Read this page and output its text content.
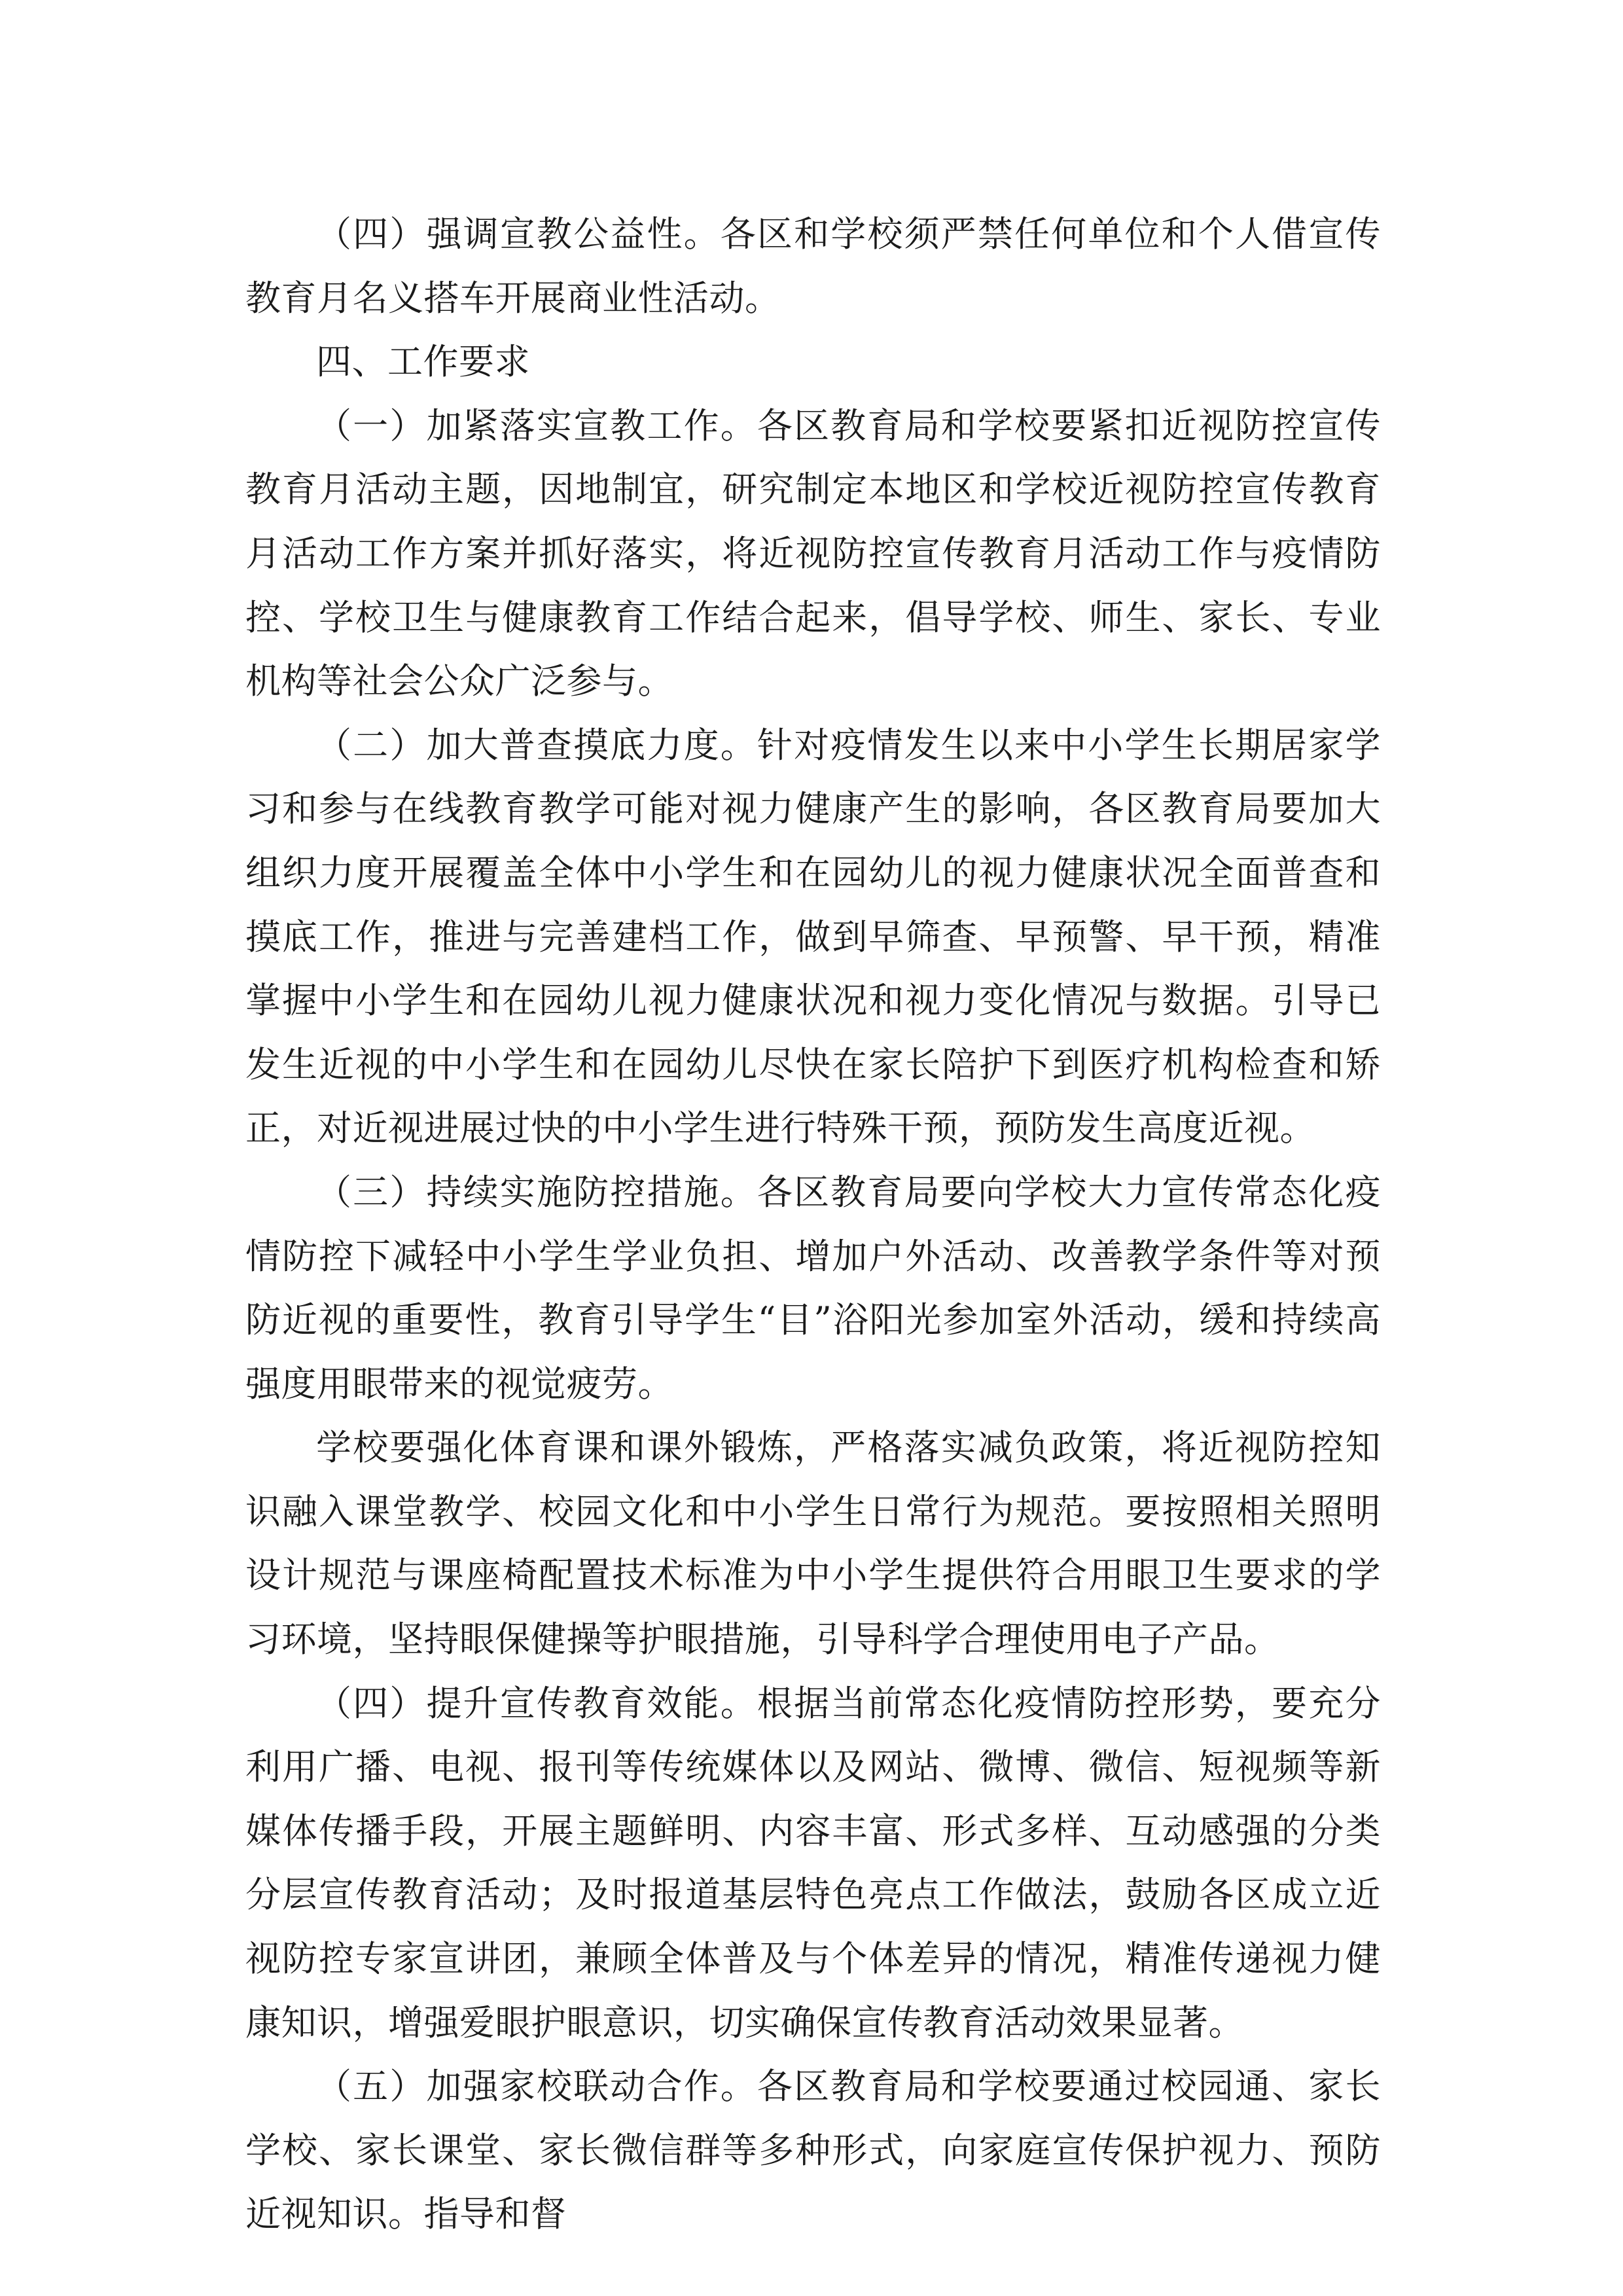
（四）强调宣教公益性。各区和学校须严禁任何单位和个人借宣传教育月名义搭车开展商业性活动。

四、工作要求

（一）加紧落实宣教工作。各区教育局和学校要紧扣近视防控宣传教育月活动主题，因地制宜，研究制定本地区和学校近视防控宣传教育月活动工作方案并抓好落实，将近视防控宣传教育月活动工作与疫情防控、学校卫生与健康教育工作结合起来，倡导学校、师生、家长、专业机构等社会公众广泛参与。

（二）加大普查摸底力度。针对疫情发生以来中小学生长期居家学习和参与在线教育教学可能对视力健康产生的影响，各区教育局要加大组织力度开展覆盖全体中小学生和在园幼儿的视力健康状况全面普查和摸底工作，推进与完善建档工作，做到早筛查、早预警、早干预，精准掌握中小学生和在园幼儿视力健康状况和视力变化情况与数据。引导已发生近视的中小学生和在园幼儿尽快在家长陪护下到医疗机构检查和矫正，对近视进展过快的中小学生进行特殊干预，预防发生高度近视。

（三）持续实施防控措施。各区教育局要向学校大力宣传常态化疫情防控下减轻中小学生学业负担、增加户外活动、改善教学条件等对预防近视的重要性，教育引导学生“目”浴阳光参加室外活动，缓和持续高强度用眼带来的视觉疲劳。

学校要强化体育课和课外锻炼，严格落实减负政策，将近视防控知识融入课堂教学、校园文化和中小学生日常行为规范。要按照相关照明设计规范与课座椅配置技术标准为中小学生提供符合用眼卫生要求的学习环境，坚持眼保健操等护眼措施，引导科学合理使用电子产品。

（四）提升宣传教育效能。根据当前常态化疫情防控形势，要充分利用广播、电视、报刊等传统媒体以及网站、微博、微信、短视频等新媒体传播手段，开展主题鲜明、内容丰富、形式多样、互动感强的分类分层宣传教育活动；及时报道基层特色亮点工作做法，鼓励各区成立近视防控专家宣讲团，兼顾全体普及与个体差异的情况，精准传递视力健康知识，增强爱眼护眼意识，切实确保宣传教育活动效果显著。

（五）加强家校联动合作。各区教育局和学校要通过校园通、家长学校、家长课堂、家长微信群等多种形式，向家庭宣传保护视力、预防近视知识。指导和督
